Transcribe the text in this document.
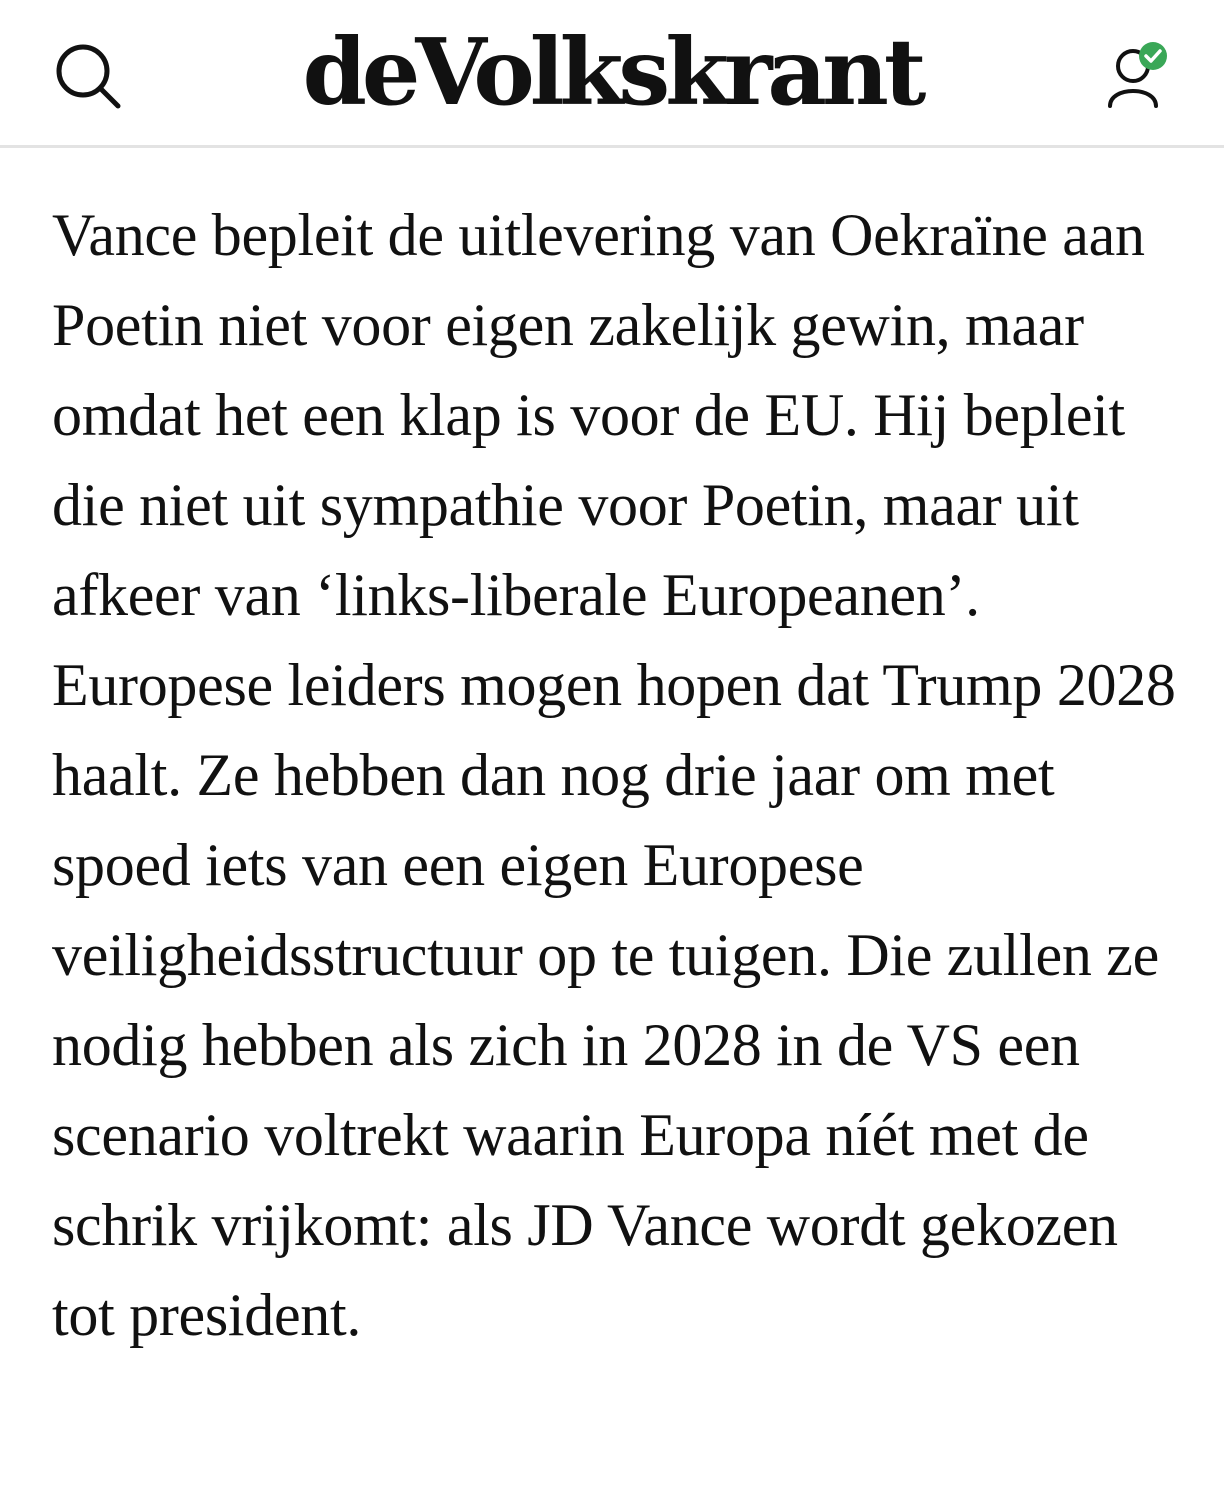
deVolkskrant

Vance bepleit de uitlevering van Oekraïne aan Poetin niet voor eigen zakelijk gewin, maar omdat het een klap is voor de EU. Hij bepleit die niet uit sympathie voor Poetin, maar uit afkeer van ‘links-liberale Europeanen’. Europese leiders mogen hopen dat Trump 2028 haalt. Ze hebben dan nog drie jaar om met spoed iets van een eigen Europese veiligheidsstructuur op te tuigen. Die zullen ze nodig hebben als zich in 2028 in de VS een scenario voltrekt waarin Europa níét met de schrik vrijkomt: als JD Vance wordt gekozen tot president.
